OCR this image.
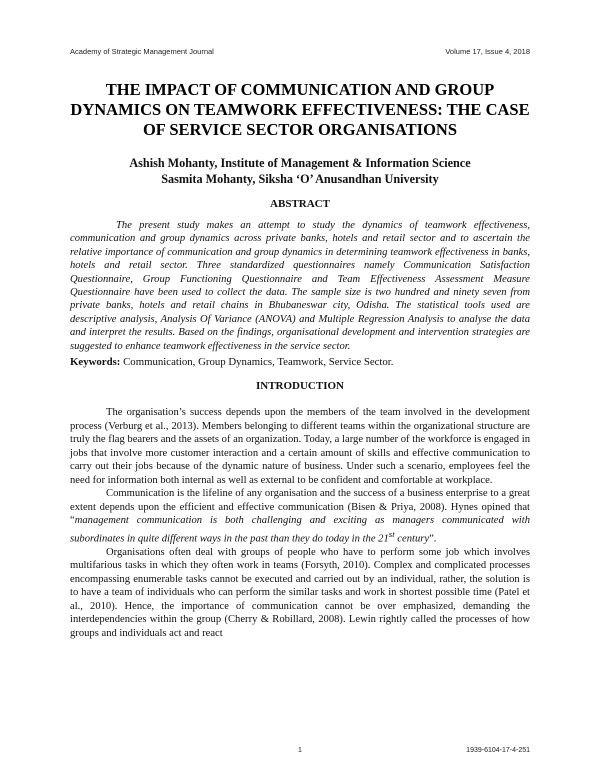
Academy of Strategic Management Journal	Volume 17, Issue 4, 2018
THE IMPACT OF COMMUNICATION AND GROUP DYNAMICS ON TEAMWORK EFFECTIVENESS: THE CASE OF SERVICE SECTOR ORGANISATIONS
Ashish Mohanty, Institute of Management & Information Science
Sasmita Mohanty, Siksha ‘O’ Anusandhan University
ABSTRACT

The present study makes an attempt to study the dynamics of teamwork effectiveness, communication and group dynamics across private banks, hotels and retail sector and to ascertain the relative importance of communication and group dynamics in determining teamwork effectiveness in banks, hotels and retail sector. Three standardized questionnaires namely Communication Satisfaction Questionnaire, Group Functioning Questionnaire and Team Effectiveness Assessment Measure Questionnaire have been used to collect the data. The sample size is two hundred and ninety seven from private banks, hotels and retail chains in Bhubaneswar city, Odisha. The statistical tools used are descriptive analysis, Analysis Of Variance (ANOVA) and Multiple Regression Analysis to analyse the data and interpret the results. Based on the findings, organisational development and intervention strategies are suggested to enhance teamwork effectiveness in the service sector.

Keywords: Communication, Group Dynamics, Teamwork, Service Sector.
INTRODUCTION

The organisation’s success depends upon the members of the team involved in the development process (Verburg et al., 2013). Members belonging to different teams within the organizational structure are truly the flag bearers and the assets of an organization. Today, a large number of the workforce is engaged in jobs that involve more customer interaction and a certain amount of skills and effective communication to carry out their jobs because of the dynamic nature of business. Under such a scenario, employees feel the need for information both internal as well as external to be confident and comfortable at workplace.

Communication is the lifeline of any organisation and the success of a business enterprise to a great extent depends upon the efficient and effective communication (Bisen & Priya, 2008). Hynes opined that “management communication is both challenging and exciting as managers communicated with subordinates in quite different ways in the past than they do today in the 21st century”.

Organisations often deal with groups of people who have to perform some job which involves multifarious tasks in which they often work in teams (Forsyth, 2010). Complex and complicated processes encompassing enumerable tasks cannot be executed and carried out by an individual, rather, the solution is to have a team of individuals who can perform the similar tasks and work in shortest possible time (Patel et al., 2010). Hence, the importance of communication cannot be over emphasized, demanding the interdependencies within the group (Cherry & Robillard, 2008). Lewin rightly called the processes of how groups and individuals act and react

1	1939-6104-17-4-251
